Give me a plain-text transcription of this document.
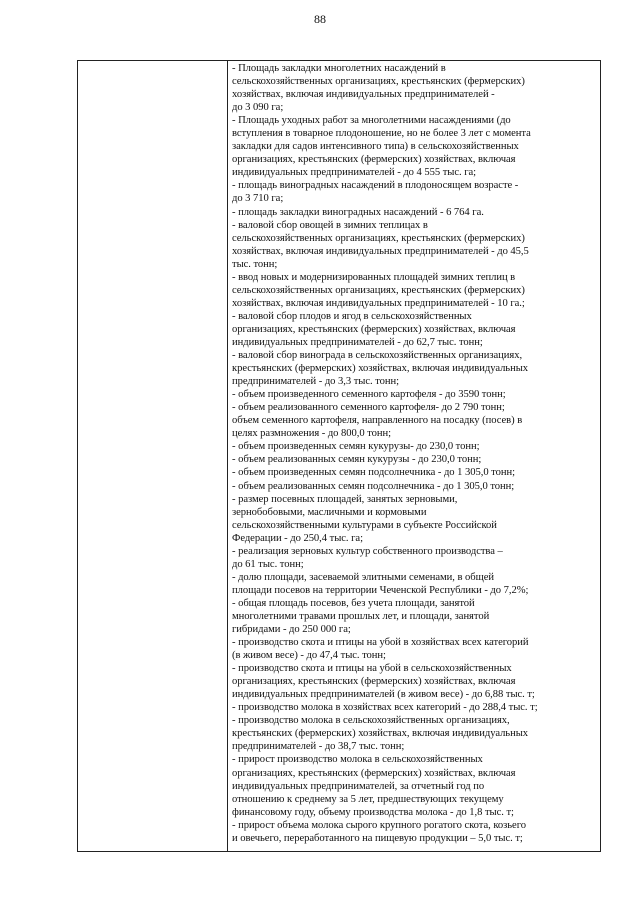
88
- Площадь закладки многолетних насаждений в
сельскохозяйственных организациях, крестьянских (фермерских)
хозяйствах, включая индивидуальных предпринимателей -
до 3 090 га;
- Площадь уходных работ за многолетними насаждениями (до
вступления в товарное плодоношение, но не более 3 лет с момента
закладки для садов интенсивного типа) в сельскохозяйственных
организациях, крестьянских (фермерских) хозяйствах, включая
индивидуальных предпринимателей - до 4 555 тыс. га;
- площадь виноградных насаждений в плодоносящем возрасте -
до 3 710 га;
- площадь закладки виноградных насаждений - 6 764 га.
- валовой сбор овощей в зимних теплицах в
сельскохозяйственных организациях, крестьянских (фермерских)
хозяйствах, включая индивидуальных предпринимателей - до 45,5
тыс. тонн;
- ввод новых и модернизированных площадей зимних теплиц в
сельскохозяйственных организациях, крестьянских (фермерских)
хозяйствах, включая индивидуальных предпринимателей - 10 га.;
- валовой сбор плодов и ягод в сельскохозяйственных
организациях, крестьянских (фермерских) хозяйствах, включая
индивидуальных предпринимателей - до 62,7 тыс. тонн;
- валовой сбор винограда в сельскохозяйственных организациях,
крестьянских (фермерских) хозяйствах, включая индивидуальных
предпринимателей - до 3,3 тыс. тонн;
- объем произведенного семенного картофеля - до 3590 тонн;
- объем реализованного семенного картофеля- до 2 790 тонн;
объем семенного картофеля, направленного на посадку (посев) в
целях размножения - до 800,0 тонн;
- объем произведенных семян кукурузы- до 230,0 тонн;
- объем реализованных семян кукурузы - до 230,0 тонн;
- объем произведенных семян подсолнечника - до 1 305,0 тонн;
- объем реализованных семян подсолнечника - до 1 305,0 тонн;
- размер посевных площадей, занятых зерновыми,
зернобобовыми, масличными и кормовыми
сельскохозяйственными культурами в субъекте Российской
Федерации - до 250,4 тыс. га;
- реализация зерновых культур собственного производства –
до 61 тыс. тонн;
- долю площади, засеваемой элитными семенами, в общей
площади посевов на территории Чеченской Республики - до 7,2%;
- общая площадь посевов, без учета площади, занятой
многолетними травами прошлых лет, и площади, занятой
гибридами - до 250 000 га;
- производство скота и птицы на убой в хозяйствах всех категорий
(в живом весе) - до 47,4 тыс. тонн;
- производство скота и птицы на убой в сельскохозяйственных
организациях, крестьянских (фермерских) хозяйствах, включая
индивидуальных предпринимателей (в живом весе) - до 6,88 тыс. т;
- производство молока в хозяйствах всех категорий - до 288,4 тыс. т;
- производство молока в сельскохозяйственных организациях,
крестьянских (фермерских) хозяйствах, включая индивидуальных
предпринимателей - до 38,7 тыс. тонн;
- прирост производство молока в сельскохозяйственных
организациях, крестьянских (фермерских) хозяйствах, включая
индивидуальных предпринимателей, за отчетный год по
отношению к среднему за 5 лет, предшествующих текущему
финансовому году, объему производства молока - до 1,8 тыс. т;
- прирост объема молока сырого крупного рогатого скота, козьего
и овечьего, переработанного на пищевую продукции – 5,0 тыс. т;
